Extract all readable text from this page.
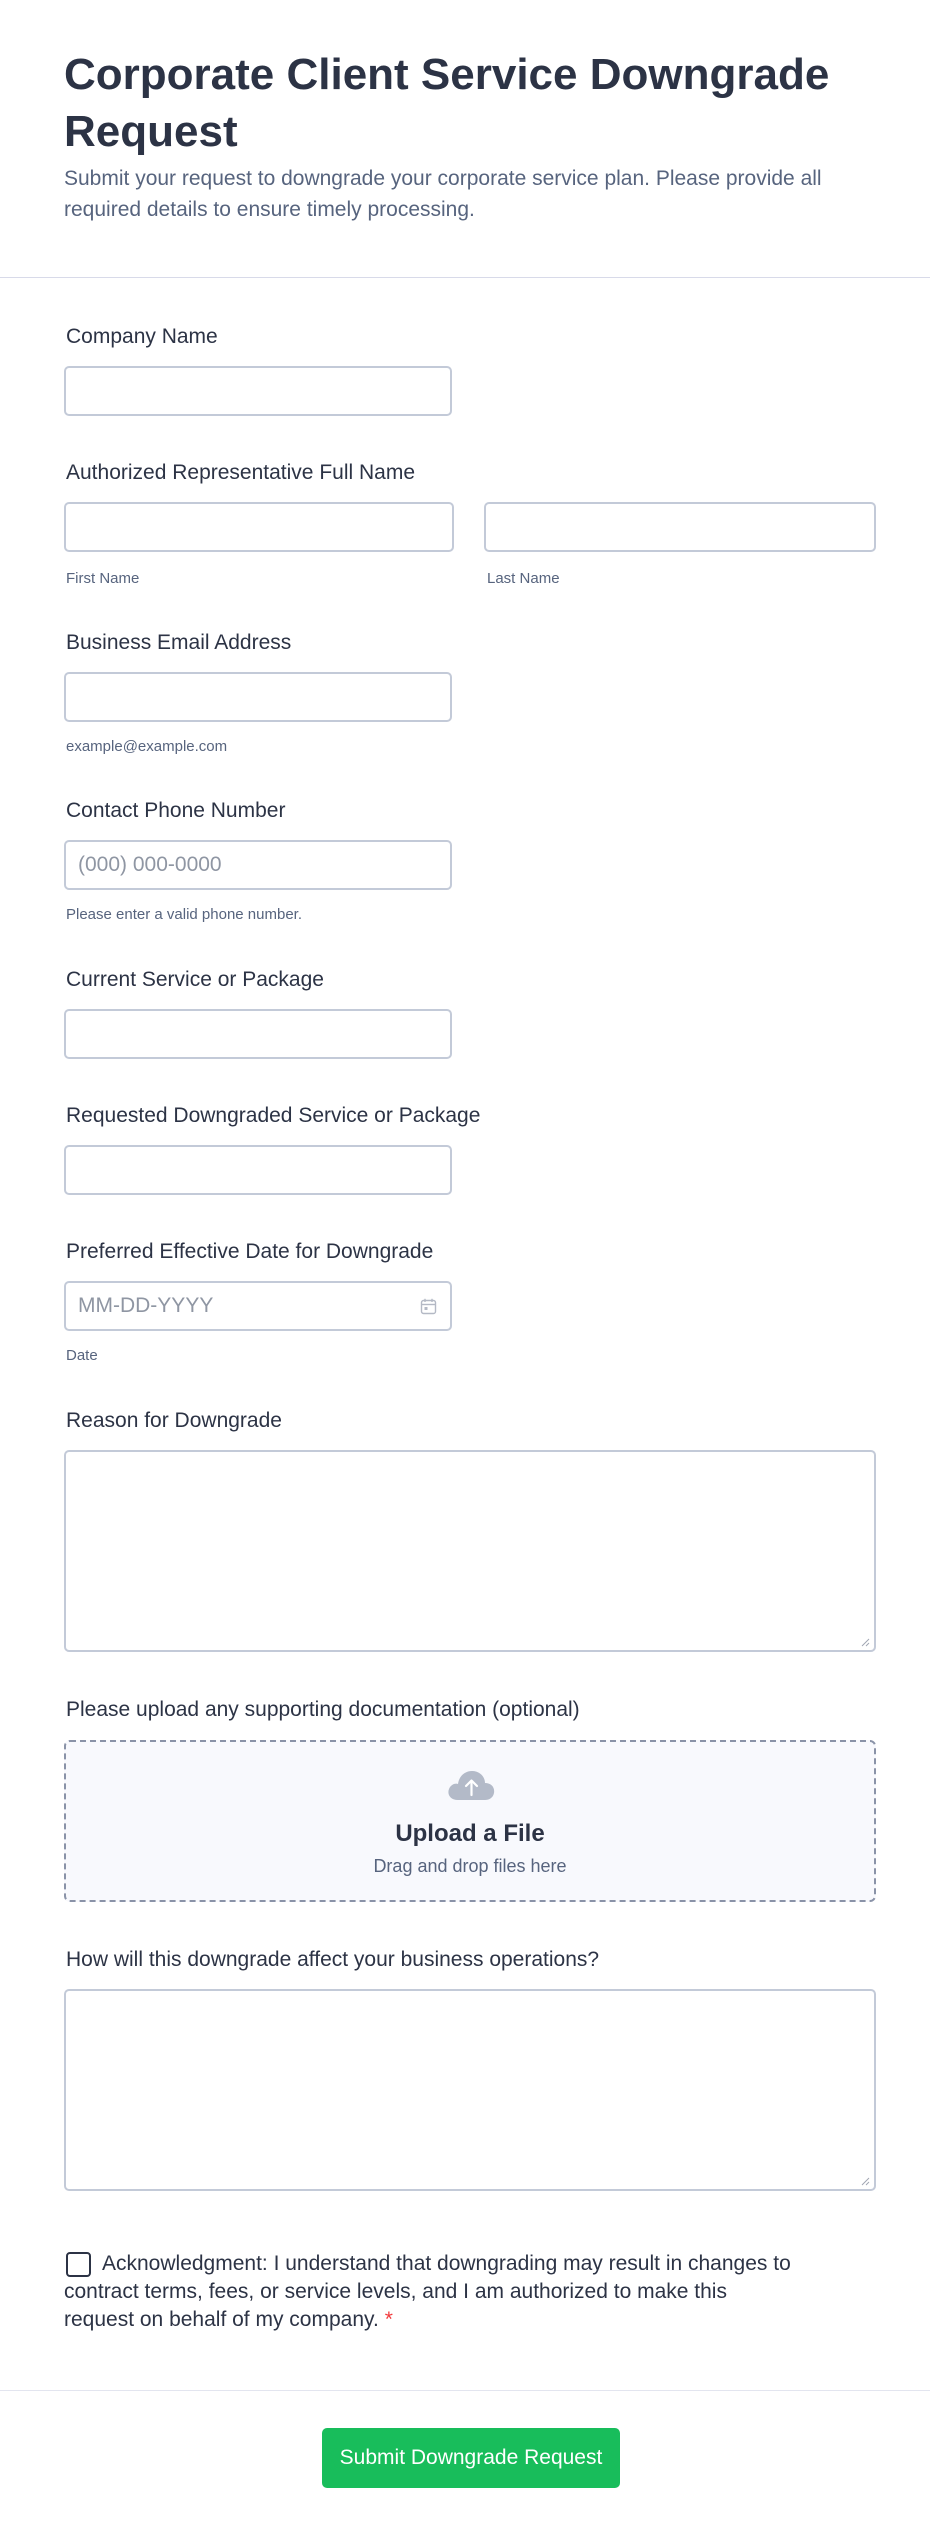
Corporate Client Service Downgrade Request

Submit your request to downgrade your corporate service plan. Please provide all required details to ensure timely processing.

Company Name
Authorized Representative Full Name
First Name	Last Name
Business Email Address
example@example.com
Contact Phone Number
(000) 000-0000
Please enter a valid phone number.
Current Service or Package
Requested Downgraded Service or Package
Preferred Effective Date for Downgrade
MM-DD-YYYY
Date
Reason for Downgrade
Please upload any supporting documentation (optional)
Upload a File
Drag and drop files here
How will this downgrade affect your business operations?

Acknowledgment: I understand that downgrading may result in changes to contract terms, fees, or service levels, and I am authorized to make this request on behalf of my company. *

Submit Downgrade Request
